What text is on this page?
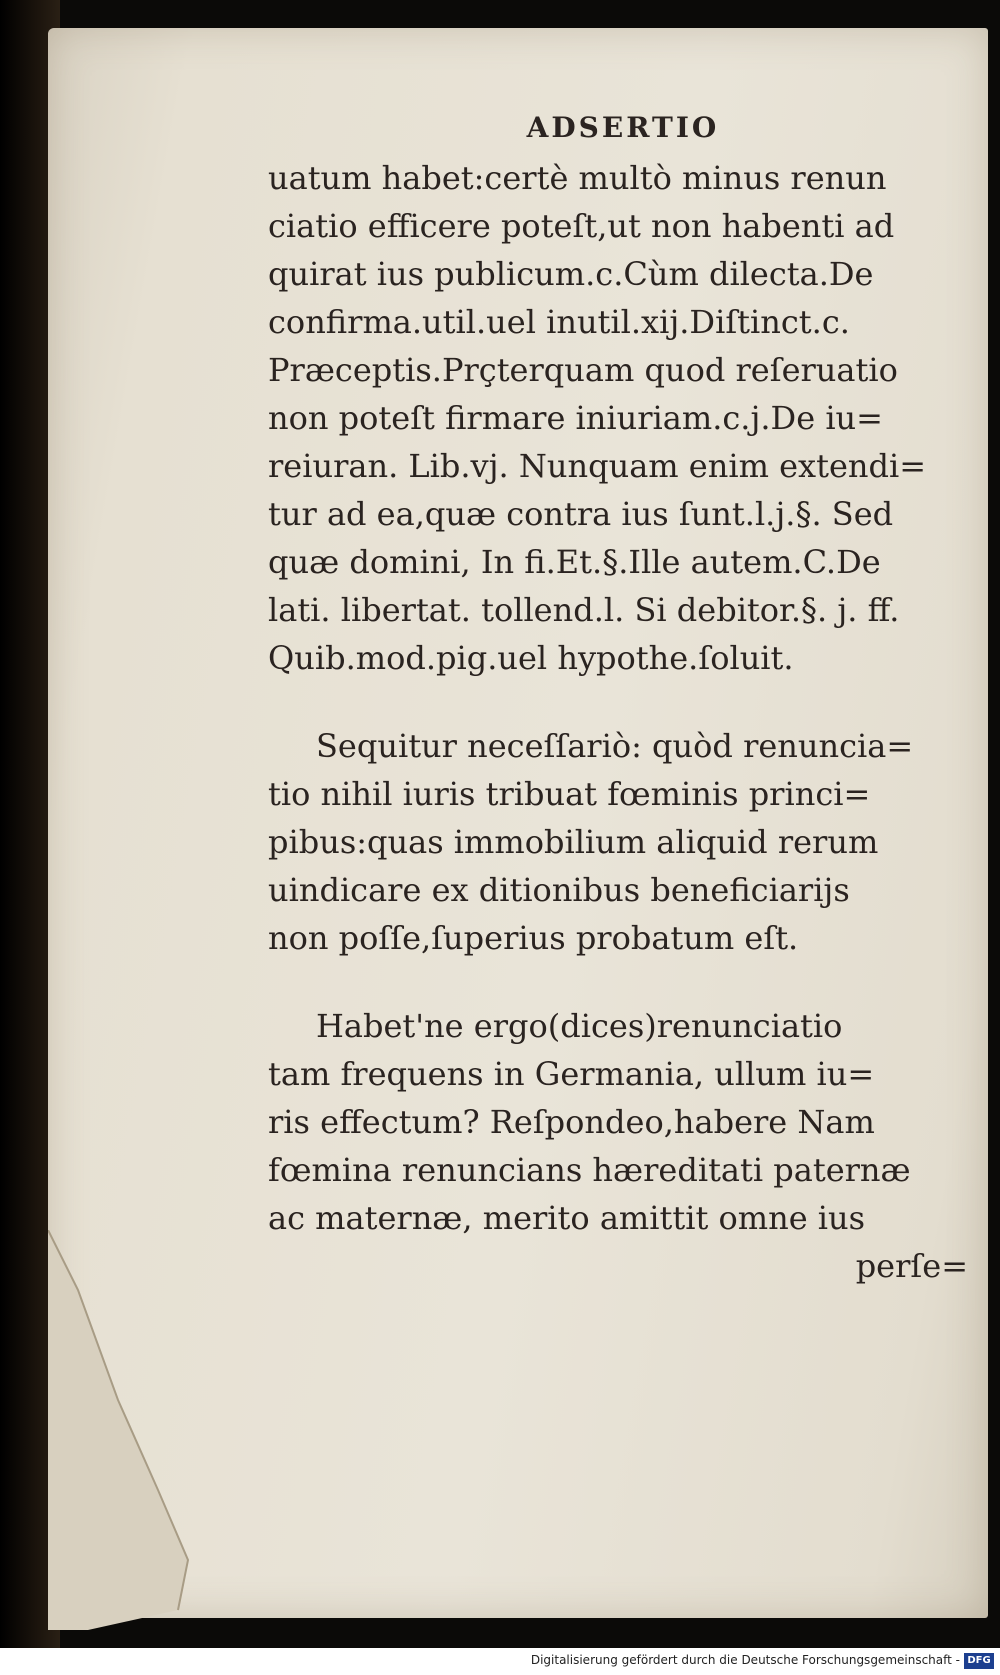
ADSERTIO
uatum habet:certè multò minus renun
ciatio efficere poteſt,ut non habenti ad
quirat ius publicum.c.Cùm dilecta.De
confirma.util.uel inutil.xij.Diſtinct.c.
Præceptis.Prçterquam quod reſeruatio
non poteſt firmare iniuriam.c.j.De iu=
reiuran. Lib.vj. Nunquam enim extendi=
tur ad ea,quæ contra ius ſunt.l.j.§. Sed
quæ domini, In fi.Et.§.Ille autem.C.De
lati. libertat. tollend.l. Si debitor.§. j. ff.
Quib.mod.pig.uel hypothe.ſoluit.
Sequitur neceſſariò: quòd renuncia=
tio nihil iuris tribuat fœminis princi=
pibus:quas immobilium aliquid rerum
uindicare ex ditionibus beneficiarijs
non poſſe,ſuperius probatum eſt.
Habet'ne ergo(dices)renunciatio
tam frequens in Germania, ullum iu=
ris effectum? Reſpondeo,habere Nam
fœmina renuncians hæreditati paternæ
ac maternæ, merito amittit omne ius
perſe=
Digitalisierung gefördert durch die Deutsche Forschungsgemeinschaft - DFG
